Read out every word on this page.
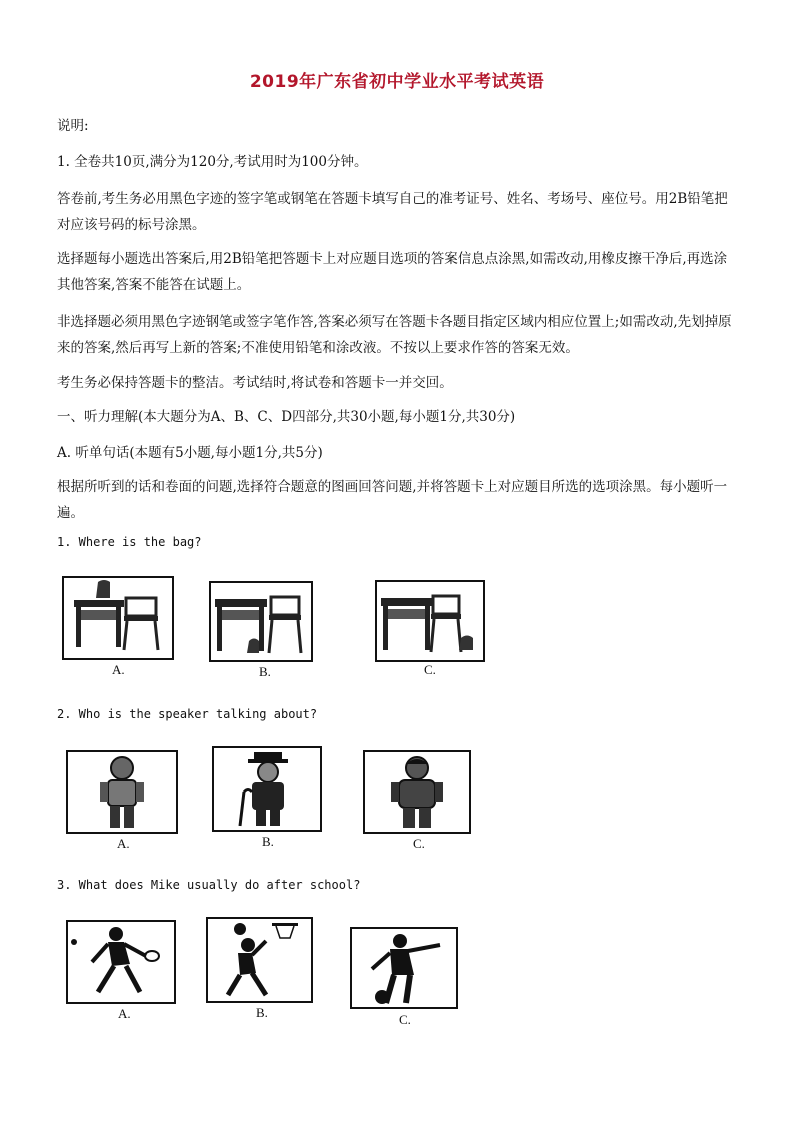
2019年广东省初中学业水平考试英语
说明:
1. 全卷共10页,满分为120分,考试用时为100分钟。
答卷前,考生务必用黑色字迹的签字笔或钢笔在答题卡填写自己的准考证号、姓名、考场号、座位号。用2B铅笔把对应该号码的标号涂黑。
选择题每小题选出答案后,用2B铅笔把答题卡上对应题目选项的答案信息点涂黑,如需改动,用橡皮擦干净后,再选涂其他答案,答案不能答在试题上。
非选择题必须用黑色字迹钢笔或签字笔作答,答案必须写在答题卡各题目指定区域内相应位置上;如需改动,先划掉原来的答案,然后再写上新的答案;不准使用铅笔和涂改液。不按以上要求作答的答案无效。
考生务必保持答题卡的整洁。考试结时,将试卷和答题卡一并交回。
一、听力理解(本大题分为A、B、C、D四部分,共30小题,每小题1分,共30分)
A. 听单句话(本题有5小题,每小题1分,共5分)
根据所听到的话和卷面的问题,选择符合题意的图画回答问题,并将答题卡上对应题目所选的选项涂黑。每小题听一遍。
1. Where is the bag?
A.	B.	C.
2. Who is the speaker talking about?
A.	B.	C.
3. What does Mike usually do after school?
A.	B.	C.
